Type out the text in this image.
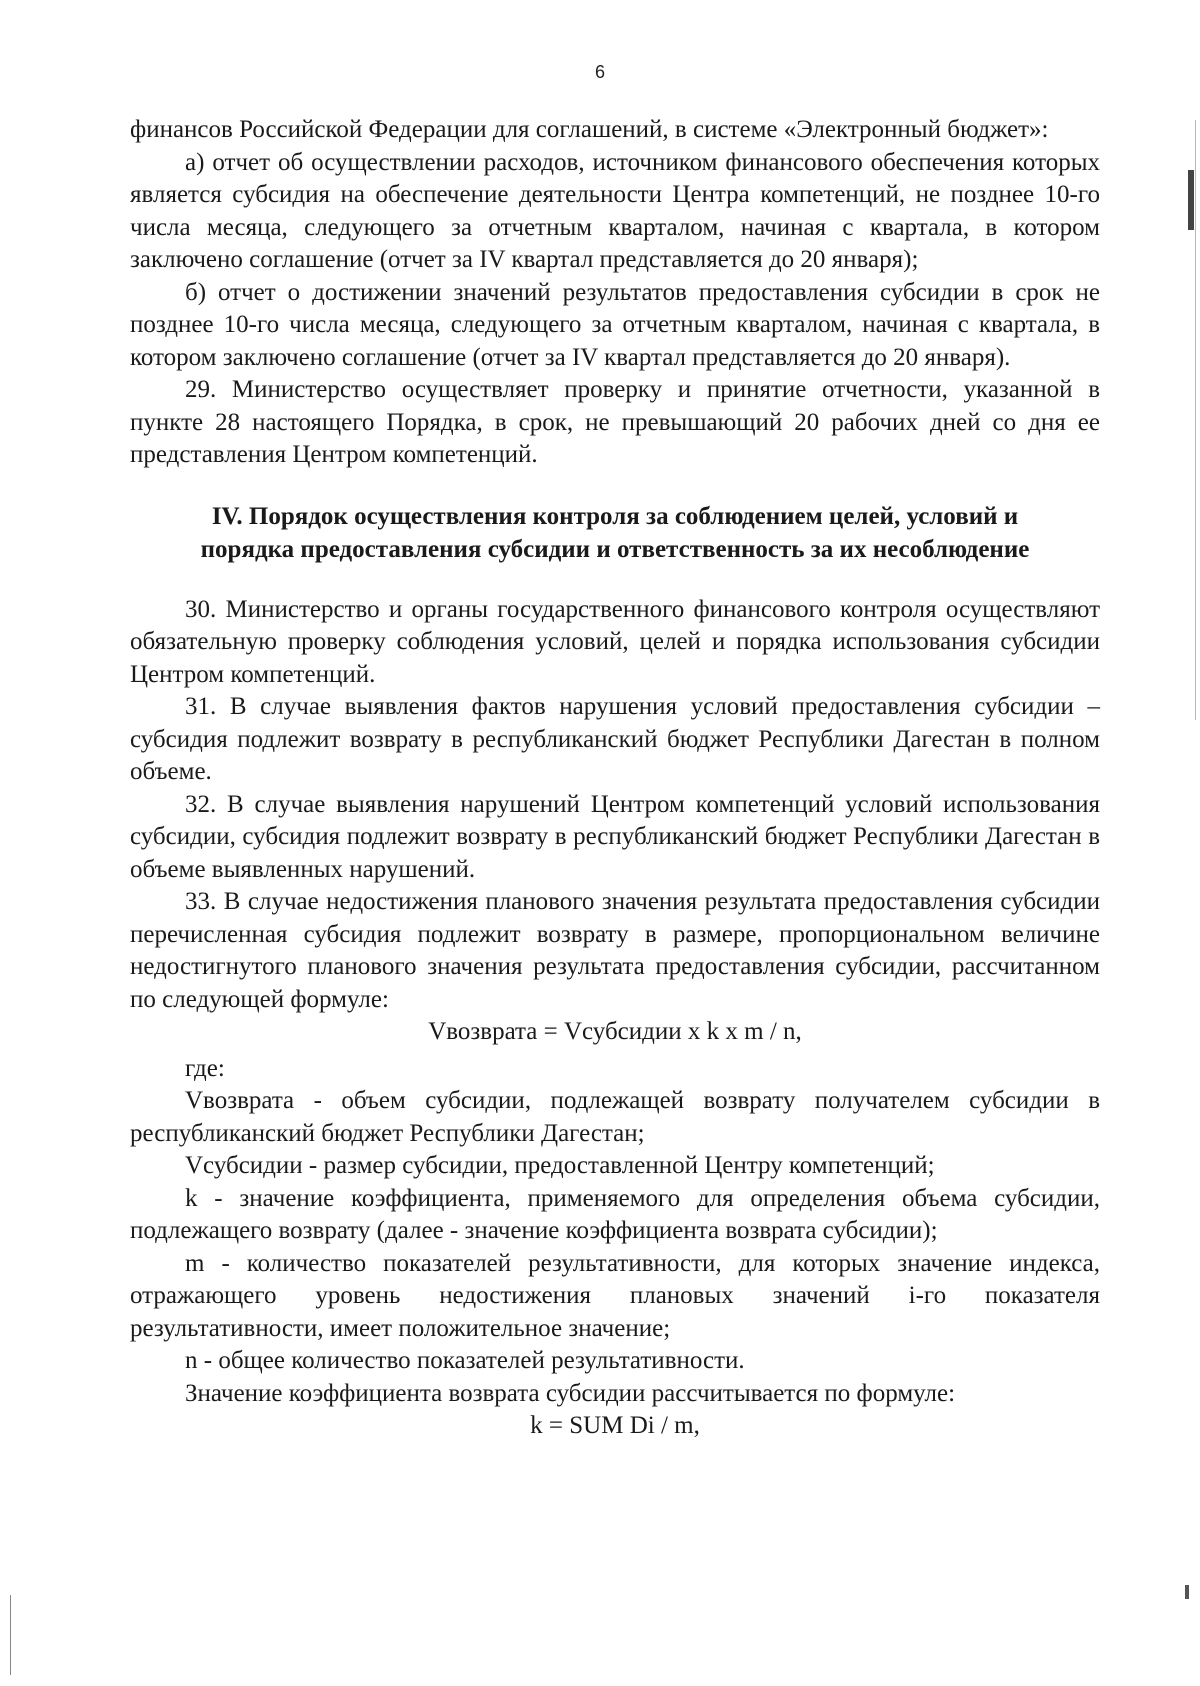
6

финансов Российской Федерации для соглашений, в системе «Электронный бюджет»:

а) отчет об осуществлении расходов, источником финансового обеспечения которых является субсидия на обеспечение деятельности Центра компетенций, не позднее 10-го числа месяца, следующего за отчетным кварталом, начиная с квартала, в котором заключено соглашение (отчет за IV квартал представляется до 20 января);

б) отчет о достижении значений результатов предоставления субсидии в срок не позднее 10-го числа месяца, следующего за отчетным кварталом, начиная с квартала, в котором заключено соглашение (отчет за IV квартал представляется до 20 января).

29. Министерство осуществляет проверку и принятие отчетности, указанной в пункте 28 настоящего Порядка, в срок, не превышающий 20 рабочих дней со дня ее представления Центром компетенций.

IV. Порядок осуществления контроля за соблюдением целей, условий и
порядка предоставления субсидии и ответственность за их несоблюдение

30. Министерство и органы государственного финансового контроля осуществляют обязательную проверку соблюдения условий, целей и порядка использования субсидии Центром компетенций.

31. В случае выявления фактов нарушения условий предоставления субсидии – субсидия подлежит возврату в республиканский бюджет Республики Дагестан в полном объеме.

32. В случае выявления нарушений Центром компетенций условий использования субсидии, субсидия подлежит возврату в республиканский бюджет Республики Дагестан в объеме выявленных нарушений.

33. В случае недостижения планового значения результата предоставления субсидии перечисленная субсидия подлежит возврату в размере, пропорциональном величине недостигнутого планового значения результата предоставления субсидии, рассчитанном по следующей формуле:

Vвозврата = Vсубсидии x k x m / n,

где:

Vвозврата - объем субсидии, подлежащей возврату получателем субсидии в республиканский бюджет Республики Дагестан;

Vсубсидии - размер субсидии, предоставленной Центру компетенций;

k - значение коэффициента, применяемого для определения объема субсидии, подлежащего возврату (далее - значение коэффициента возврата субсидии);

m - количество показателей результативности, для которых значение индекса, отражающего уровень недостижения плановых значений i-го показателя результативности, имеет положительное значение;

n - общее количество показателей результативности.

Значение коэффициента возврата субсидии рассчитывается по формуле:

k = SUM Di / m,
